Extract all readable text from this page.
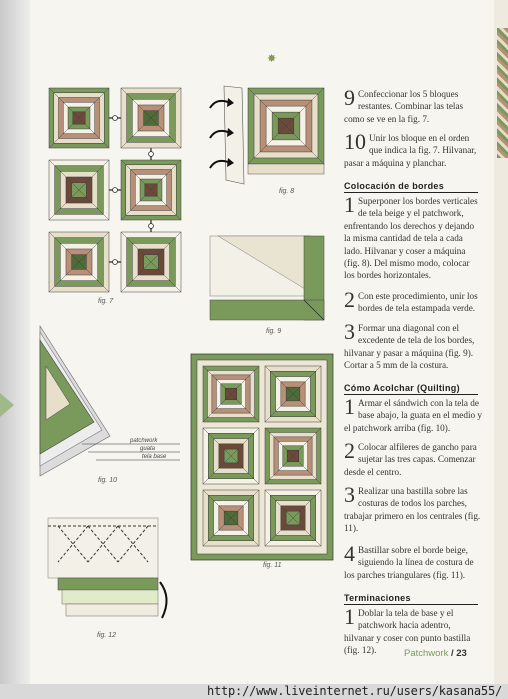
✸
fig. 7
fig. 8
fig. 9
patchwork
guata
tela base
fig. 10
fig. 11
fig. 12
9 Confeccionar los 5 bloques restantes. Combinar las telas como se ve en la fig. 7.
10 Unir los bloque en el orden que indica la fig. 7. Hilvanar, pasar a máquina y planchar.
Colocación de bordes
1 Superponer los bordes verticales de tela beige y el patchwork, enfrentando los derechos y dejando la misma cantidad de tela a cada lado. Hilvanar y coser a máquina (fig. 8). Del mismo modo, colocar los bordes horizontales.
2 Con este procedimiento, unir los bordes de tela estampada verde.
3 Formar una diagonal con el excedente de tela de los bordes, hilvanar y pasar a máquina (fig. 9). Cortar a 5 mm de la costura.
Cómo Acolchar (Quilting)
1 Armar el sándwich con la tela de base abajo, la guata en el medio y el patchwork arriba (fig. 10).
2 Colocar alfileres de gancho para sujetar las tres capas. Comenzar desde el centro.
3 Realizar una bastilla sobre las costuras de todos los parches, trabajar primero en los centrales (fig. 11).
4 Bastillar sobre el borde beige, siguiendo la línea de costura de los parches triangulares (fig. 11).
Terminaciones
1 Doblar la tela de base y el patchwork hacia adentro, hilvanar y coser con punto bastilla (fig. 12).	Patchwork / 23
http://www.liveinternet.ru/users/kasana55/
